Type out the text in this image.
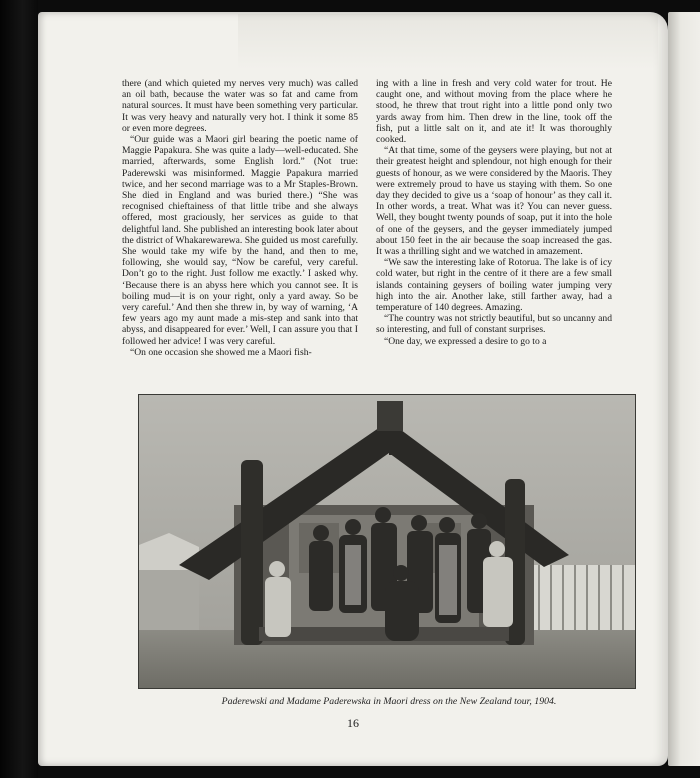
there (and which quieted my nerves very much) was called an oil bath, because the water was so fat and came from natural sources. It must have been something very particular. It was very heavy and naturally very hot. I think it some 85 or even more degrees.

“Our guide was a Maori girl bearing the poetic name of Maggie Papakura. She was quite a lady—well-educated. She married, afterwards, some English lord.” (Not true: Paderewski was misinformed. Maggie Papakura married twice, and her second marriage was to a Mr Staples-Brown. She died in England and was buried there.) “She was recognised chieftainess of that little tribe and she always offered, most graciously, her services as guide to that delightful land. She published an interesting book later about the district of Whakarewarewa. She guided us most carefully. She would take my wife by the hand, and then to me, following, she would say, “Now be careful, very careful. Don’t go to the right. Just follow me exactly.’ I asked why. ‘Because there is an abyss here which you cannot see. It is boiling mud—it is on your right, only a yard away. So be very careful.’ And then she threw in, by way of warning, ‘A few years ago my aunt made a mis-step and sank into that abyss, and disappeared for ever.’ Well, I can assure you that I followed her advice! I was very careful.

“On one occasion she showed me a Maori fish-

ing with a line in fresh and very cold water for trout. He caught one, and without moving from the place where he stood, he threw that trout right into a little pond only two yards away from him. Then drew in the line, took off the fish, put a little salt on it, and ate it! It was thoroughly cooked.

“At that time, some of the geysers were playing, but not at their greatest height and splendour, not high enough for their guests of honour, as we were considered by the Maoris. They were extremely proud to have us staying with them. So one day they decided to give us a ‘soap of honour’ as they call it. In other words, a treat. What was it? You can never guess. Well, they bought twenty pounds of soap, put it into the hole of one of the geysers, and the geyser immediately jumped about 150 feet in the air because the soap increased the gas. It was a thrilling sight and we watched in amazement.

“We saw the interesting lake of Rotorua. The lake is of icy cold water, but right in the centre of it there are a few small islands containing geysers of boiling water jumping very high into the air. Another lake, still farther away, had a temperature of 140 degrees. Amazing.

“The country was not strictly beautiful, but so uncanny and so interesting, and full of constant surprises.

“One day, we expressed a desire to go to a

Paderewski and Madame Paderewska in Maori dress on the New Zealand tour, 1904.
16
